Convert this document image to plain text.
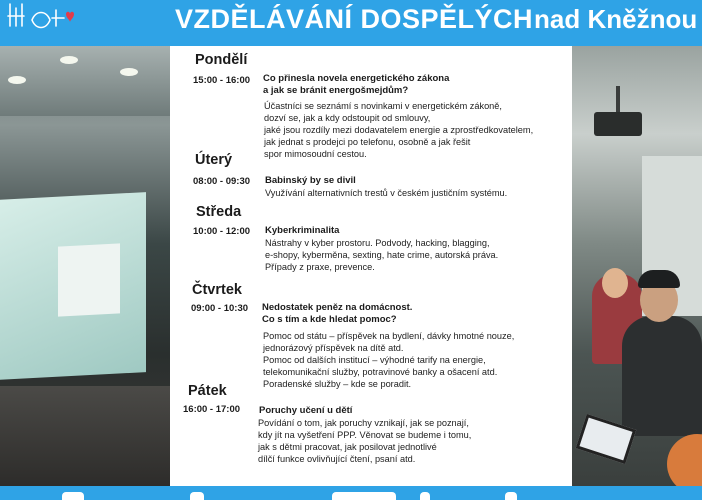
VZDĚLÁVÁNÍ DOSPĚLÝCH nad Kněžnou
Pondělí
15:00 - 16:00 Co přinesla novela energetického zákona
a jak se bránit energošmejdům?
Účastníci se seznámí s novinkami v energetickém zákoně,
dozví se, jak a kdy odstoupit od smlouvy,
jaké jsou rozdíly mezi dodavatelem energie a zprostředkovatelem,
jak jednat s prodejci po telefonu, osobně a jak řešit
spor mimosoudní cestou.
Úterý
08:00 - 09:30 Babinský by se divil
Využívání alternativních trestů v českém justičním systému.
Středa
10:00 - 12:00 Kyberkriminalita
Nástrahy v kyber prostoru. Podvody, hacking, blagging,
e-shopy, kyberměna, sexting, hate crime, autorská práva.
Případy z praxe, prevence.
Čtvrtek
09:00 - 10:30 Nedostatek peněz na domácnost.
Co s tím a kde hledat pomoc?
Pomoc od státu – příspěvek na bydlení, dávky hmotné nouze,
jednorázový příspěvek na dítě atd.
Pomoc od dalších institucí – výhodné tarify na energie,
telekomunikační služby, potravinové banky a ošacení atd.
Poradenské služby – kde se poradit.
Pátek
16:00 - 17:00 Poruchy učení u dětí
Povídání o tom, jak poruchy vznikají, jak se poznají,
kdy jít na vyšetření PPP. Věnovat se budeme i tomu,
jak s dětmi pracovat, jak posilovat jednotlivé
dílčí funkce ovlivňující čtení, psaní atd.
